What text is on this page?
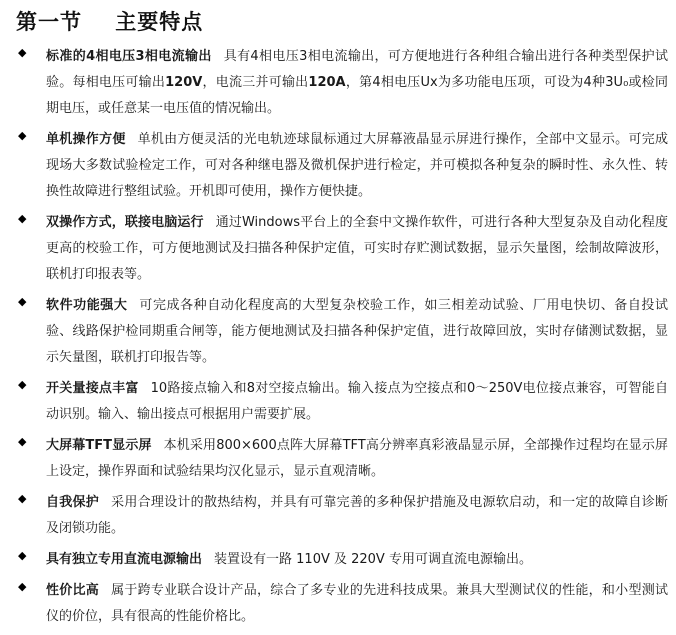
第一节 主要特点
◆ 标准的4相电压3相电流输出 具有4相电压3相电流输出，可方便地进行各种组合输出进行各种类型保护试验。每相电压可输出120V，电流三并可输出120A，第4相电压Ux为多功能电压项，可设为4种3U₀或检同期电压，或任意某一电压值的情况输出。
◆ 单机操作方便 单机由方便灵活的光电轨迹球鼠标通过大屏幕液晶显示屏进行操作，全部中文显示。可完成现场大多数试验检定工作，可对各种继电器及微机保护进行检定，并可模拟各种复杂的瞬时性、永久性、转换性故障进行整组试验。开机即可使用，操作方便快捷。
◆ 双操作方式，联接电脑运行 通过Windows平台上的全套中文操作软件，可进行各种大型复杂及自动化程度更高的校验工作，可方便地测试及扫描各种保护定值，可实时存贮测试数据，显示矢量图，绘制故障波形，联机打印报表等。
◆ 软件功能强大 可完成各种自动化程度高的大型复杂校验工作，如三相差动试验、厂用电快切、备自投试验、线路保护检同期重合闸等，能方便地测试及扫描各种保护定值，进行故障回放，实时存储测试数据，显示矢量图，联机打印报告等。
◆ 开关量接点丰富 10路接点输入和8对空接点输出。输入接点为空接点和0～250V电位接点兼容，可智能自动识别。输入、输出接点可根据用户需要扩展。
◆ 大屏幕TFT显示屏 本机采用800×600点阵大屏幕TFT高分辨率真彩液晶显示屏，全部操作过程均在显示屏上设定，操作界面和试验结果均汉化显示，显示直观清晰。
◆ 自我保护 采用合理设计的散热结构，并具有可靠完善的多种保护措施及电源软启动，和一定的故障自诊断及闭锁功能。
◆ 具有独立专用直流电源输出 装置设有一路 110V 及 220V 专用可调直流电源输出。
◆ 性价比高 属于跨专业联合设计产品，综合了多专业的先进科技成果。兼具大型测试仪的性能，和小型测试仪的价位，具有很高的性能价格比。
